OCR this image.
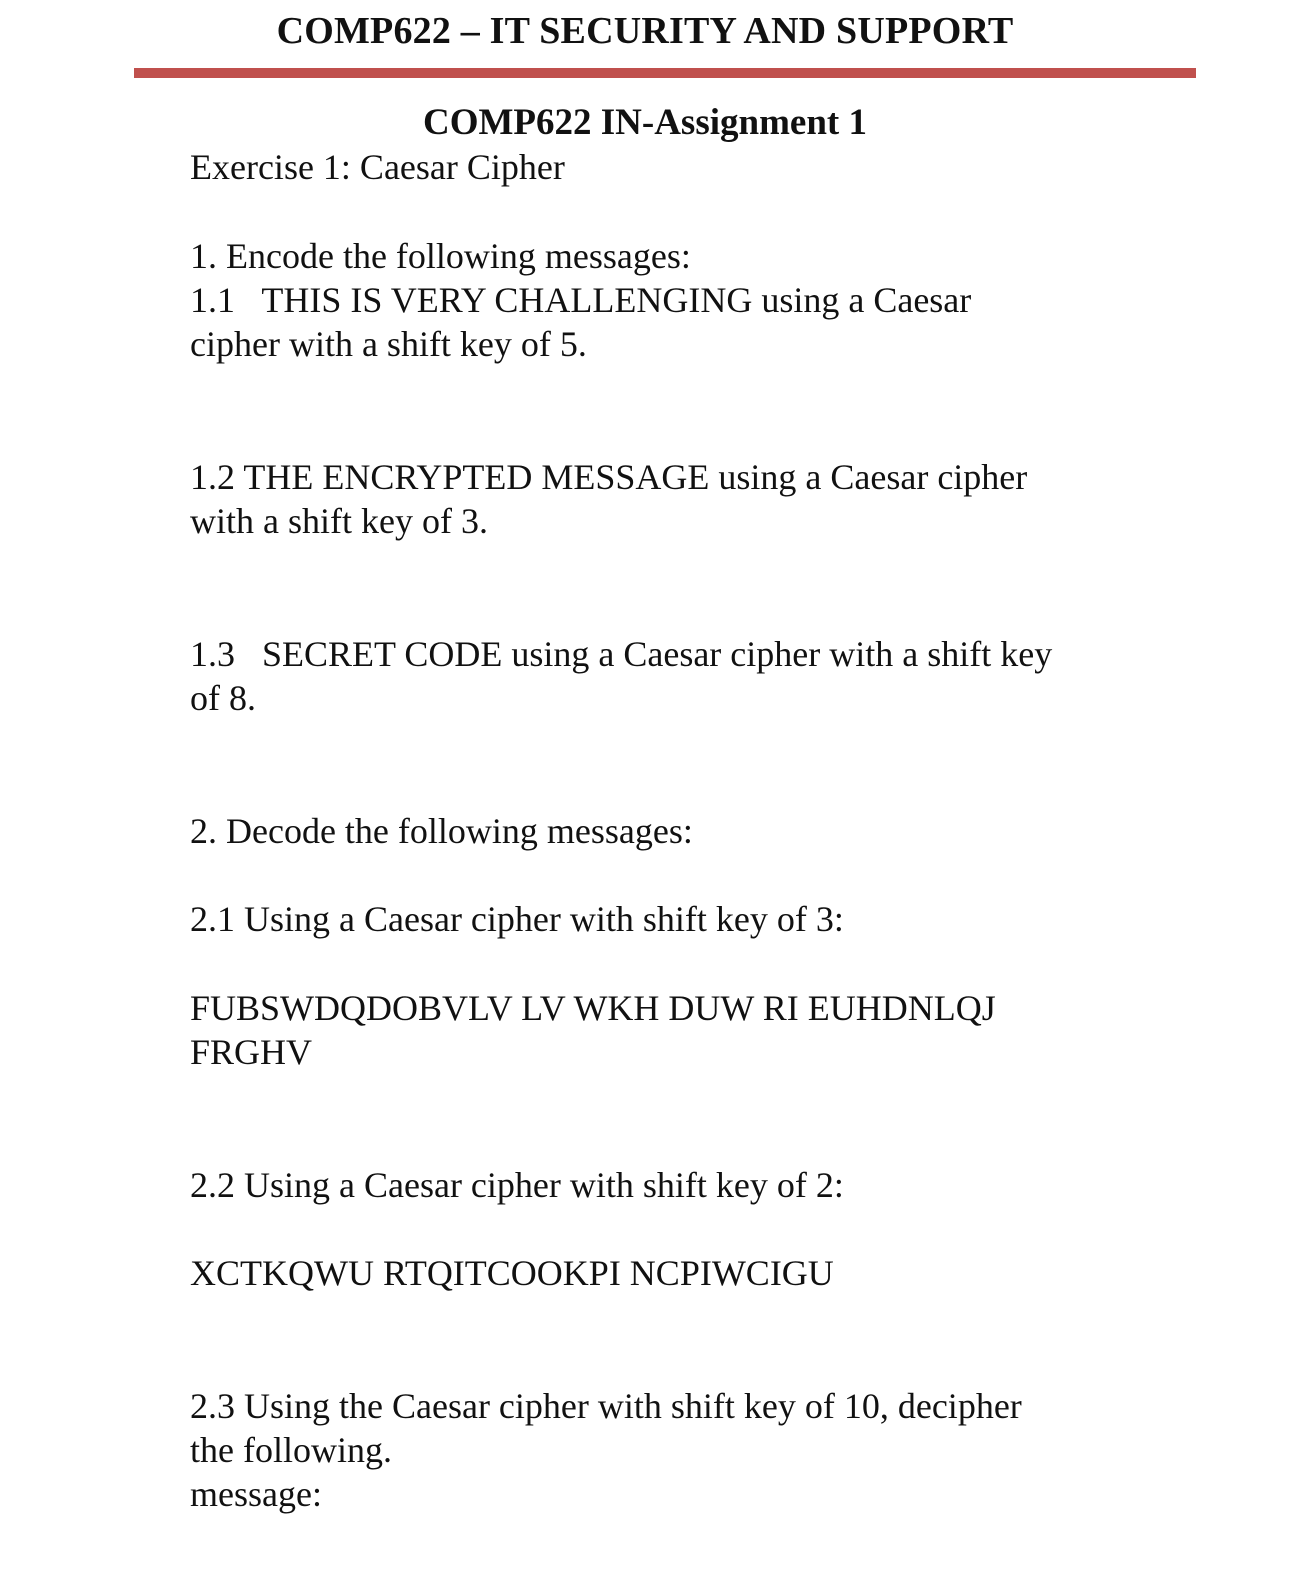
COMP622 – IT SECURITY AND SUPPORT
COMP622 IN-Assignment 1

Exercise 1: Caesar Cipher

1. Encode the following messages:

1.1   THIS IS VERY CHALLENGING using a Caesar
cipher with a shift key of 5.

1.2 THE ENCRYPTED MESSAGE using a Caesar cipher
with a shift key of 3.

1.3   SECRET CODE using a Caesar cipher with a shift key
of 8.

2. Decode the following messages:

2.1 Using a Caesar cipher with shift key of 3:

FUBSWDQDOBVLV LV WKH DUW RI EUHDNLQJ
FRGHV

2.2 Using a Caesar cipher with shift key of 2:

XCTKQWU RTQITCOOKPI NCPIWCIGU

2.3 Using the Caesar cipher with shift key of 10, decipher
the following.
message:
